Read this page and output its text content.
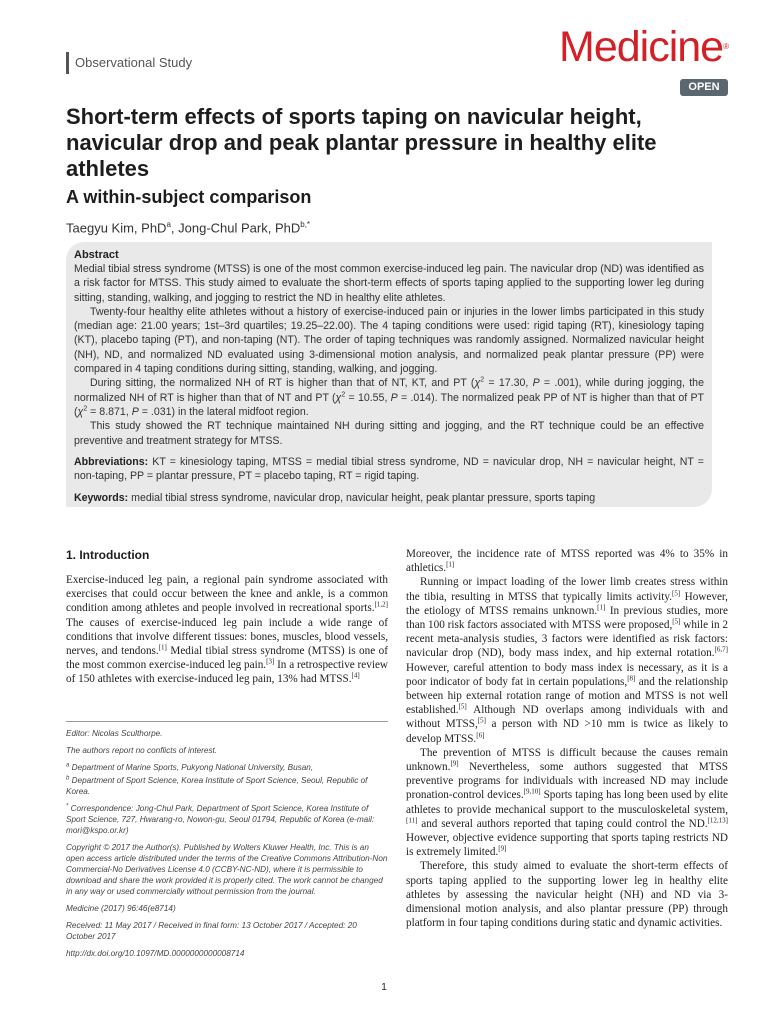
Observational Study	Medicine®
OPEN
Short-term effects of sports taping on navicular height, navicular drop and peak plantar pressure in healthy elite athletes
A within-subject comparison
Taegyu Kim, PhD$^a$, Jong-Chul Park, PhD$^{b,*}$
Abstract

Medial tibial stress syndrome (MTSS) is one of the most common exercise-induced leg pain. The navicular drop (ND) was identified as a risk factor for MTSS. This study aimed to evaluate the short-term effects of sports taping applied to the supporting lower leg during sitting, standing, walking, and jogging to restrict the ND in healthy elite athletes.

Twenty-four healthy elite athletes without a history of exercise-induced pain or injuries in the lower limbs participated in this study (median age: 21.00 years; 1st–3rd quartiles; 19.25–22.00). The 4 taping conditions were used: rigid taping (RT), kinesiology taping (KT), placebo taping (PT), and non-taping (NT). The order of taping techniques was randomly assigned. Normalized navicular height (NH), ND, and normalized ND evaluated using 3-dimensional motion analysis, and normalized peak plantar pressure (PP) were compared in 4 taping conditions during sitting, standing, walking, and jogging.

During sitting, the normalized NH of RT is higher than that of NT, KT, and PT ($\chi^2 = 17.30$, P = .001), while during jogging, the normalized NH of RT is higher than that of NT and PT ($\chi^2 = 10.55$, P = .014). The normalized peak PP of NT is higher than that of PT ($\chi^2 = 8.871$, P = .031) in the lateral midfoot region.

This study showed the RT technique maintained NH during sitting and jogging, and the RT technique could be an effective preventive and treatment strategy for MTSS.

Abbreviations: KT = kinesiology taping, MTSS = medial tibial stress syndrome, ND = navicular drop, NH = navicular height, NT = non-taping, PP = plantar pressure, PT = placebo taping, RT = rigid taping.

Keywords: medial tibial stress syndrome, navicular drop, navicular height, peak plantar pressure, sports taping

1. Introduction

Exercise-induced leg pain, a regional pain syndrome associated with exercises that could occur between the knee and ankle, is a common condition among athletes and people involved in recreational sports.[1,2] The causes of exercise-induced leg pain include a wide range of conditions that involve different tissues: bones, muscles, blood vessels, nerves, and tendons.[1] Medial tibial stress syndrome (MTSS) is one of the most common exercise-induced leg pain.[3] In a retrospective review of 150 athletes with exercise-induced leg pain, 13% had MTSS.[4]

Editor: Nicolas Sculthorpe.

The authors report no conflicts of interest.

$^a$ Department of Marine Sports, Pukyong National University, Busan,

$^b$ Department of Sport Science, Korea Institute of Sport Science, Seoul, Republic of Korea.

* Correspondence: Jong-Chul Park, Department of Sport Science, Korea Institute of Sport Science, 727, Hwarang-ro, Nowon-gu, Seoul 01794, Republic of Korea (e-mail: mori@kspo.or.kr)

Copyright © 2017 the Author(s). Published by Wolters Kluwer Health, Inc. This is an open access article distributed under the terms of the Creative Commons Attribution-Non Commercial-No Derivatives License 4.0 (CCBY-NC-ND), where it is permissible to download and share the work provided it is properly cited. The work cannot be changed in any way or used commercially without permission from the journal.

Medicine (2017) 96:46(e8714)

Received: 11 May 2017 / Received in final form: 13 October 2017 / Accepted: 20 October 2017

http://dx.doi.org/10.1097/MD.0000000000008714

Moreover, the incidence rate of MTSS reported was 4% to 35% in athletics.[1]

Running or impact loading of the lower limb creates stress within the tibia, resulting in MTSS that typically limits activity.[5] However, the etiology of MTSS remains unknown.[1] In previous studies, more than 100 risk factors associated with MTSS were proposed,[5] while in 2 recent meta-analysis studies, 3 factors were identified as risk factors: navicular drop (ND), body mass index, and hip external rotation.[6,7] However, careful attention to body mass index is necessary, as it is a poor indicator of body fat in certain populations,[8] and the relationship between hip external rotation range of motion and MTSS is not well established.[5] Although ND overlaps among individuals with and without MTSS,[5] a person with ND >10 mm is twice as likely to develop MTSS.[6]

The prevention of MTSS is difficult because the causes remain unknown.[9] Nevertheless, some authors suggested that MTSS preventive programs for individuals with increased ND may include pronation-control devices.[9,10] Sports taping has long been used by elite athletes to provide mechanical support to the musculoskeletal system,[11] and several authors reported that taping could control the ND.[12,13] However, objective evidence supporting that sports taping restricts ND is extremely limited.[9]

Therefore, this study aimed to evaluate the short-term effects of sports taping applied to the supporting lower leg in healthy elite athletes by assessing the navicular height (NH) and ND via 3-dimensional motion analysis, and also plantar pressure (PP) through platform in four taping conditions during static and dynamic activities.

1
